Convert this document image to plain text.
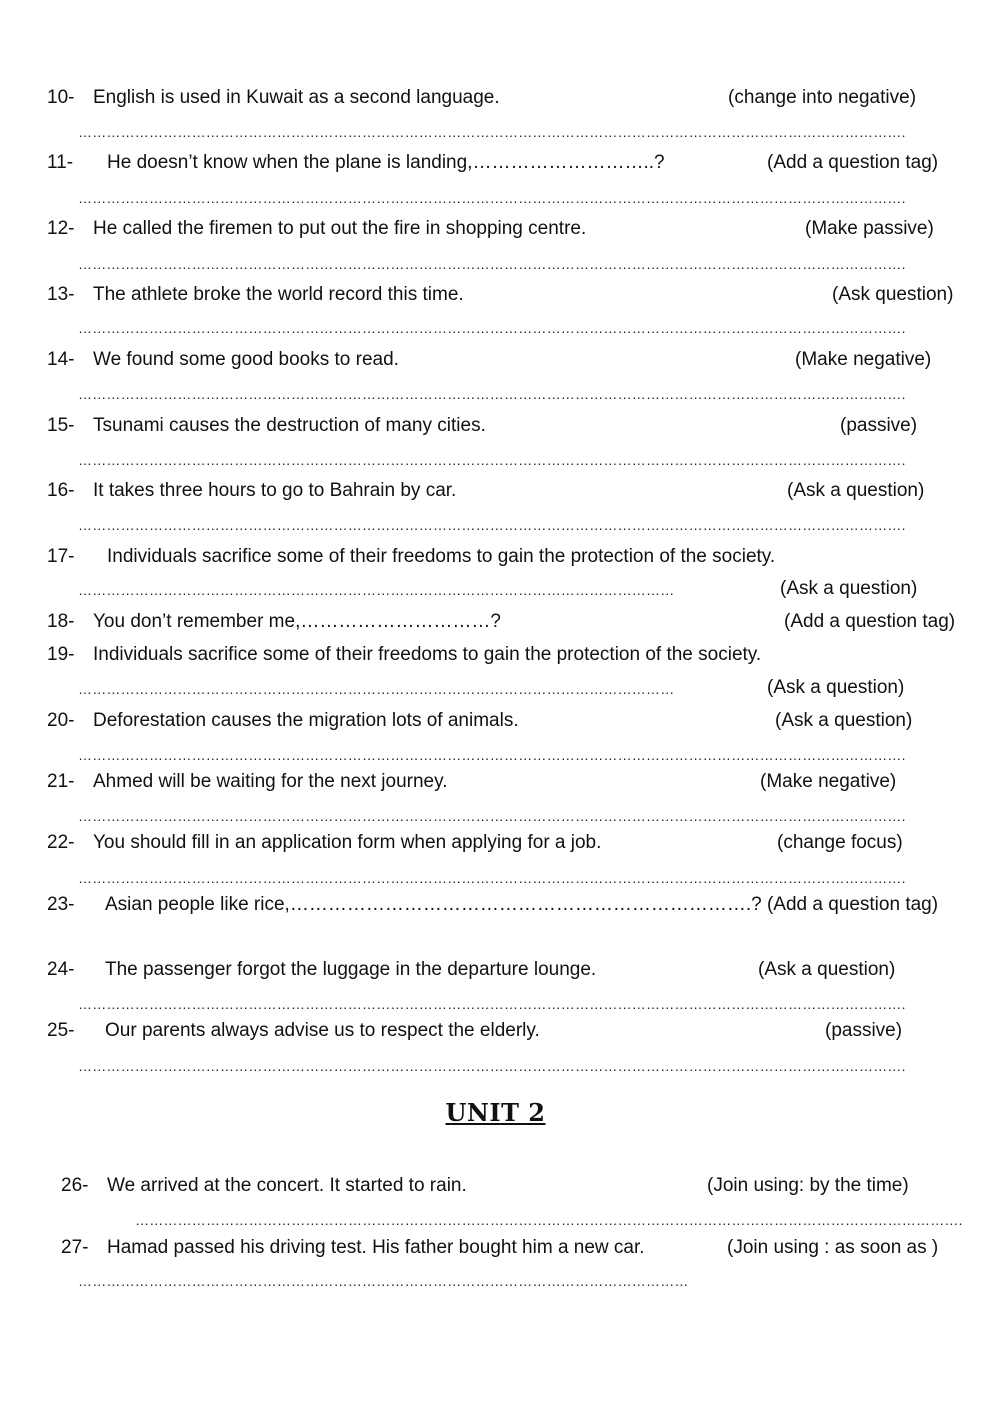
10- English is used in Kuwait as a second language.	(change into negative)
………………………………………………………………………………………………………………………………………………………….
11- He doesn’t know when the plane is landing,………………………..?	(Add a question tag)
………………………………………………………………………………………………………………………………………………………….
12- He called the firemen to put out the fire in shopping centre.	(Make passive)
………………………………………………………………………………………………………………………………………………………….
13- The athlete broke the world record this time.	(Ask question)
………………………………………………………………………………………………………………………………………………………….
14- We found some good books to read.	(Make negative)
………………………………………………………………………………………………………………………………………………………….
15- Tsunami causes the destruction of many cities.	(passive)
………………………………………………………………………………………………………………………………………………………….
16- It takes three hours to go to Bahrain by car.	(Ask a question)
………………………………………………………………………………………………………………………………………………………….
17- Individuals sacrifice some of their freedoms to gain the protection of the society.
………………………………………………………………………………………………………………	(Ask a question)
18- You don’t remember me,…………………………?	(Add a question tag)
19- Individuals sacrifice some of their freedoms to gain the protection of the society.
………………………………………………………………………………………………………………	(Ask a question)
20- Deforestation causes the migration lots of animals.	(Ask a question)
………………………………………………………………………………………………………………………………………………………….
21- Ahmed will be waiting for the next journey.	(Make negative)
………………………………………………………………………………………………………………………………………………………….
22- You should fill in an application form when applying for a job.	(change focus)
………………………………………………………………………………………………………………………………………………………….
23- Asian people like rice,……………………………………………………………….? (Add a question tag)
24- The passenger forgot the luggage in the departure lounge.	(Ask a question)
………………………………………………………………………………………………………………………………………………………….
25- Our parents always advise us to respect the elderly.	(passive)
………………………………………………………………………………………………………………………………………………………….
UNIT 2
26- We arrived at the concert. It started to rain.	(Join using: by the time)
………………………………………………………………………………………………………………………………………………………….
27- Hamad passed his driving test. His father bought him a new car.	(Join using : as soon as )
…………………………………………………………………………………………………………………
